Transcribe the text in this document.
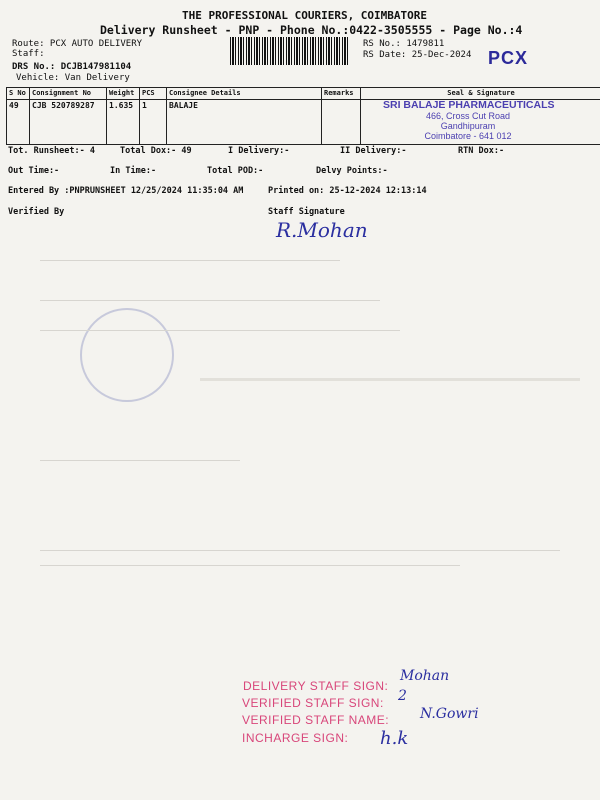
THE PROFESSIONAL COURIERS, COIMBATORE
Delivery Runsheet - PNP - Phone No.:0422-3505555 - Page No.:4
Route: PCX AUTO DELIVERY
Staff:
DRS No.: DCJB147981104
Vehicle: Van Delivery
RS No.: 1479811
RS Date: 25-Dec-2024 PCX
S No	Consignment No	Weight	PCS	Consignee Details	Remarks	Seal & Signature
49	CJB 520789287	1.635	1	BALAJE			SRI BALAJE PHARMACEUTICALS
466, Cross Cut Road
Gandhipuram
Coimbatore - 641 012
Tot. Runsheet:- 4	Total Dox:- 49	I Delivery:-	II Delivery:-	RTN Dox:-
Out Time:-	In Time:-	Total POD:-	Delvy Points:-
Entered By :PNPRUNSHEET 12/25/2024 11:35:04 AM	Printed on: 25-12-2024 12:13:14
Verified By	Staff Signature
R.Mohan
DELIVERY STAFF SIGN:
VERIFIED STAFF SIGN:
VERIFIED STAFF NAME:
INCHARGE SIGN:
Mohan
2
N.Gowri
h.k
